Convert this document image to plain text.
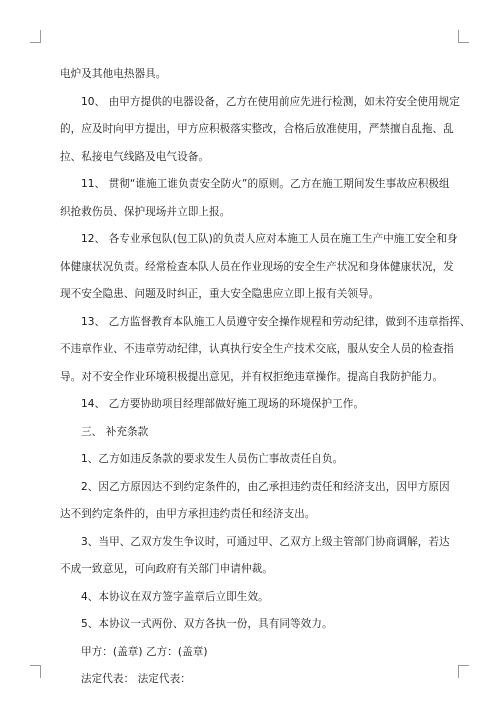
电炉及其他电热器具。
10、 由甲方提供的电器设备，乙方在使用前应先进行检测，如未符安全使用规定
的，应及时向甲方提出，甲方应积极落实整改，合格后放准使用，严禁擅自乱拖、乱
拉、私接电气线路及电气设备。
11、 贯彻“谁施工谁负责安全防火”的原则。乙方在施工期间发生事故应积极组
织抢救伤员、保护现场并立即上报。
12、 各专业承包队(包工队)的负责人应对本施工人员在施工生产中施工安全和身
体健康状况负责。经常检查本队人员在作业现场的安全生产状况和身体健康状况，发
现不安全隐患、问题及时纠正，重大安全隐患应立即上报有关领导。
13、 乙方监督教育本队施工人员遵守安全操作规程和劳动纪律，做到不违章指挥、
不违章作业、不违章劳动纪律，认真执行安全生产技术交底，服从安全人员的检查指
导。对不安全作业环境积极提出意见，并有权拒绝违章操作。提高自我防护能力。
14、 乙方要协助项目经理部做好施工现场的环境保护工作。
三、 补充条款
1、乙方如违反条款的要求发生人员伤亡事故责任自负。
2、因乙方原因达不到约定条件的，由乙承担违约责任和经济支出，因甲方原因
达不到约定条件的，由甲方承担违约责任和经济支出。
3、当甲、乙双方发生争议时，可通过甲、乙双方上级主管部门协商调解，若达
不成一致意见，可向政府有关部门申请仲裁。
4、本协议在双方签字盖章后立即生效。
5、本协议一式两份、双方各执一份，具有同等效力。
甲方：(盖章) 乙方：(盖章)
法定代表： 法定代表：
